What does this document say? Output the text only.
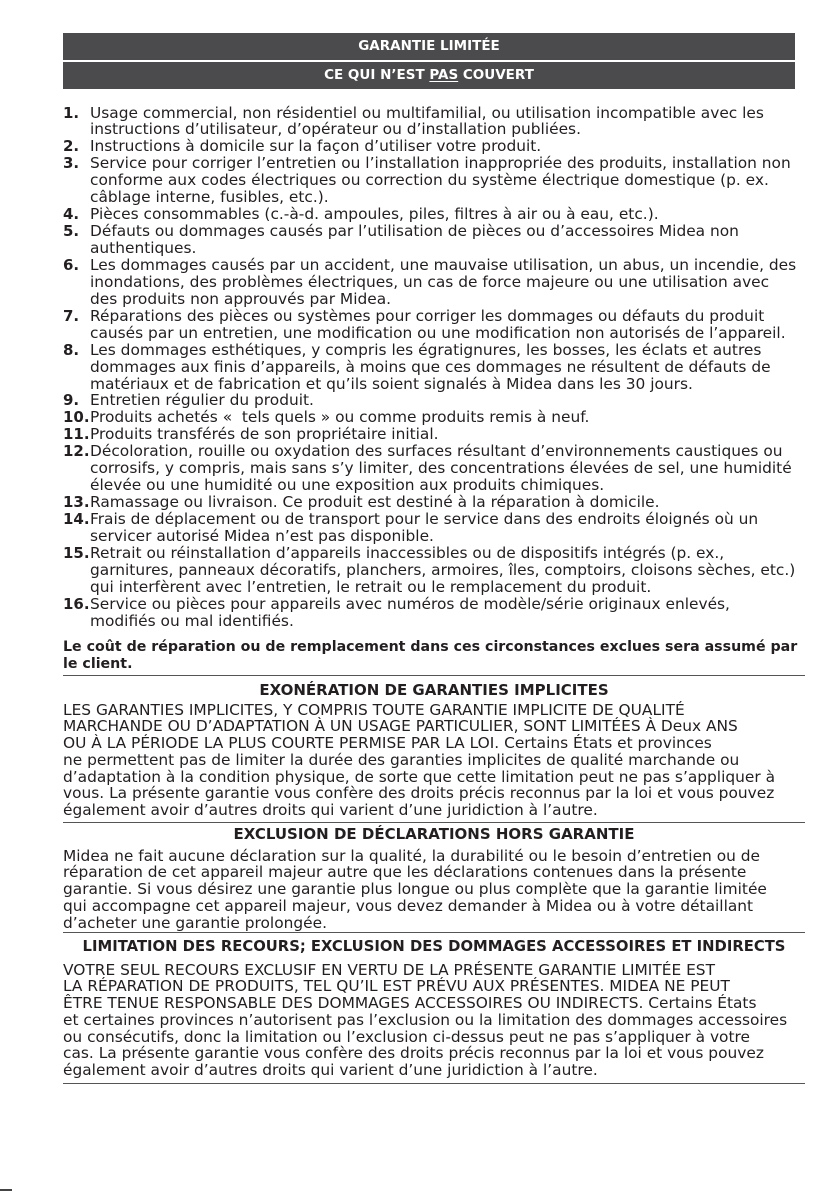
GARANTIE LIMITÉE
CE QUI N’EST PAS COUVERT
1. Usage commercial, non résidentiel ou multifamilial, ou utilisation incompatible avec les
instructions d’utilisateur, d’opérateur ou d’installation publiées.
2. Instructions à domicile sur la façon d’utiliser votre produit.
3. Service pour corriger l’entretien ou l’installation inappropriée des produits, installation non
conforme aux codes électriques ou correction du système électrique domestique (p. ex.
câblage interne, fusibles, etc.).
4. Pièces consommables (c.-à-d. ampoules, piles, filtres à air ou à eau, etc.).
5. Défauts ou dommages causés par l’utilisation de pièces ou d’accessoires Midea non
authentiques.
6. Les dommages causés par un accident, une mauvaise utilisation, un abus, un incendie, des
inondations, des problèmes électriques, un cas de force majeure ou une utilisation avec
des produits non approuvés par Midea.
7. Réparations des pièces ou systèmes pour corriger les dommages ou défauts du produit
causés par un entretien, une modification ou une modification non autorisés de l’appareil.
8. Les dommages esthétiques, y compris les égratignures, les bosses, les éclats et autres
dommages aux finis d’appareils, à moins que ces dommages ne résultent de défauts de
matériaux et de fabrication et qu’ils soient signalés à Midea dans les 30 jours.
9. Entretien régulier du produit.
10. Produits achetés «  tels quels » ou comme produits remis à neuf.
11. Produits transférés de son propriétaire initial.
12. Décoloration, rouille ou oxydation des surfaces résultant d’environnements caustiques ou
corrosifs, y compris, mais sans s’y limiter, des concentrations élevées de sel, une humidité
élevée ou une humidité ou une exposition aux produits chimiques.
13. Ramassage ou livraison. Ce produit est destiné à la réparation à domicile.
14. Frais de déplacement ou de transport pour le service dans des endroits éloignés où un
servicer autorisé Midea n’est pas disponible.
15. Retrait ou réinstallation d’appareils inaccessibles ou de dispositifs intégrés (p. ex.,
garnitures, panneaux décoratifs, planchers, armoires, îles, comptoirs, cloisons sèches, etc.)
qui interfèrent avec l’entretien, le retrait ou le remplacement du produit.
16. Service ou pièces pour appareils avec numéros de modèle/série originaux enlevés,
modifiés ou mal identifiés.
Le coût de réparation ou de remplacement dans ces circonstances exclues sera assumé par
le client.
EXONÉRATION DE GARANTIES IMPLICITES
LES GARANTIES IMPLICITES, Y COMPRIS TOUTE GARANTIE IMPLICITE DE QUALITÉ
MARCHANDE OU D’ADAPTATION À UN USAGE PARTICULIER, SONT LIMITÉES À Deux ANS
OU À LA PÉRIODE LA PLUS COURTE PERMISE PAR LA LOI. Certains États et provinces
ne permettent pas de limiter la durée des garanties implicites de qualité marchande ou
d’adaptation à la condition physique, de sorte que cette limitation peut ne pas s’appliquer à
vous. La présente garantie vous confère des droits précis reconnus par la loi et vous pouvez
également avoir d’autres droits qui varient d’une juridiction à l’autre.
EXCLUSION DE DÉCLARATIONS HORS GARANTIE
Midea ne fait aucune déclaration sur la qualité, la durabilité ou le besoin d’entretien ou de
réparation de cet appareil majeur autre que les déclarations contenues dans la présente
garantie. Si vous désirez une garantie plus longue ou plus complète que la garantie limitée
qui accompagne cet appareil majeur, vous devez demander à Midea ou à votre détaillant
d’acheter une garantie prolongée.
LIMITATION DES RECOURS; EXCLUSION DES DOMMAGES ACCESSOIRES ET INDIRECTS
VOTRE SEUL RECOURS EXCLUSIF EN VERTU DE LA PRÉSENTE GARANTIE LIMITÉE EST
LA RÉPARATION DE PRODUITS, TEL QU’IL EST PRÉVU AUX PRÉSENTES. MIDEA NE PEUT
ÊTRE TENUE RESPONSABLE DES DOMMAGES ACCESSOIRES OU INDIRECTS. Certains États
et certaines provinces n’autorisent pas l’exclusion ou la limitation des dommages accessoires
ou consécutifs, donc la limitation ou l’exclusion ci-dessus peut ne pas s’appliquer à votre
cas. La présente garantie vous confère des droits précis reconnus par la loi et vous pouvez
également avoir d’autres droits qui varient d’une juridiction à l’autre.
